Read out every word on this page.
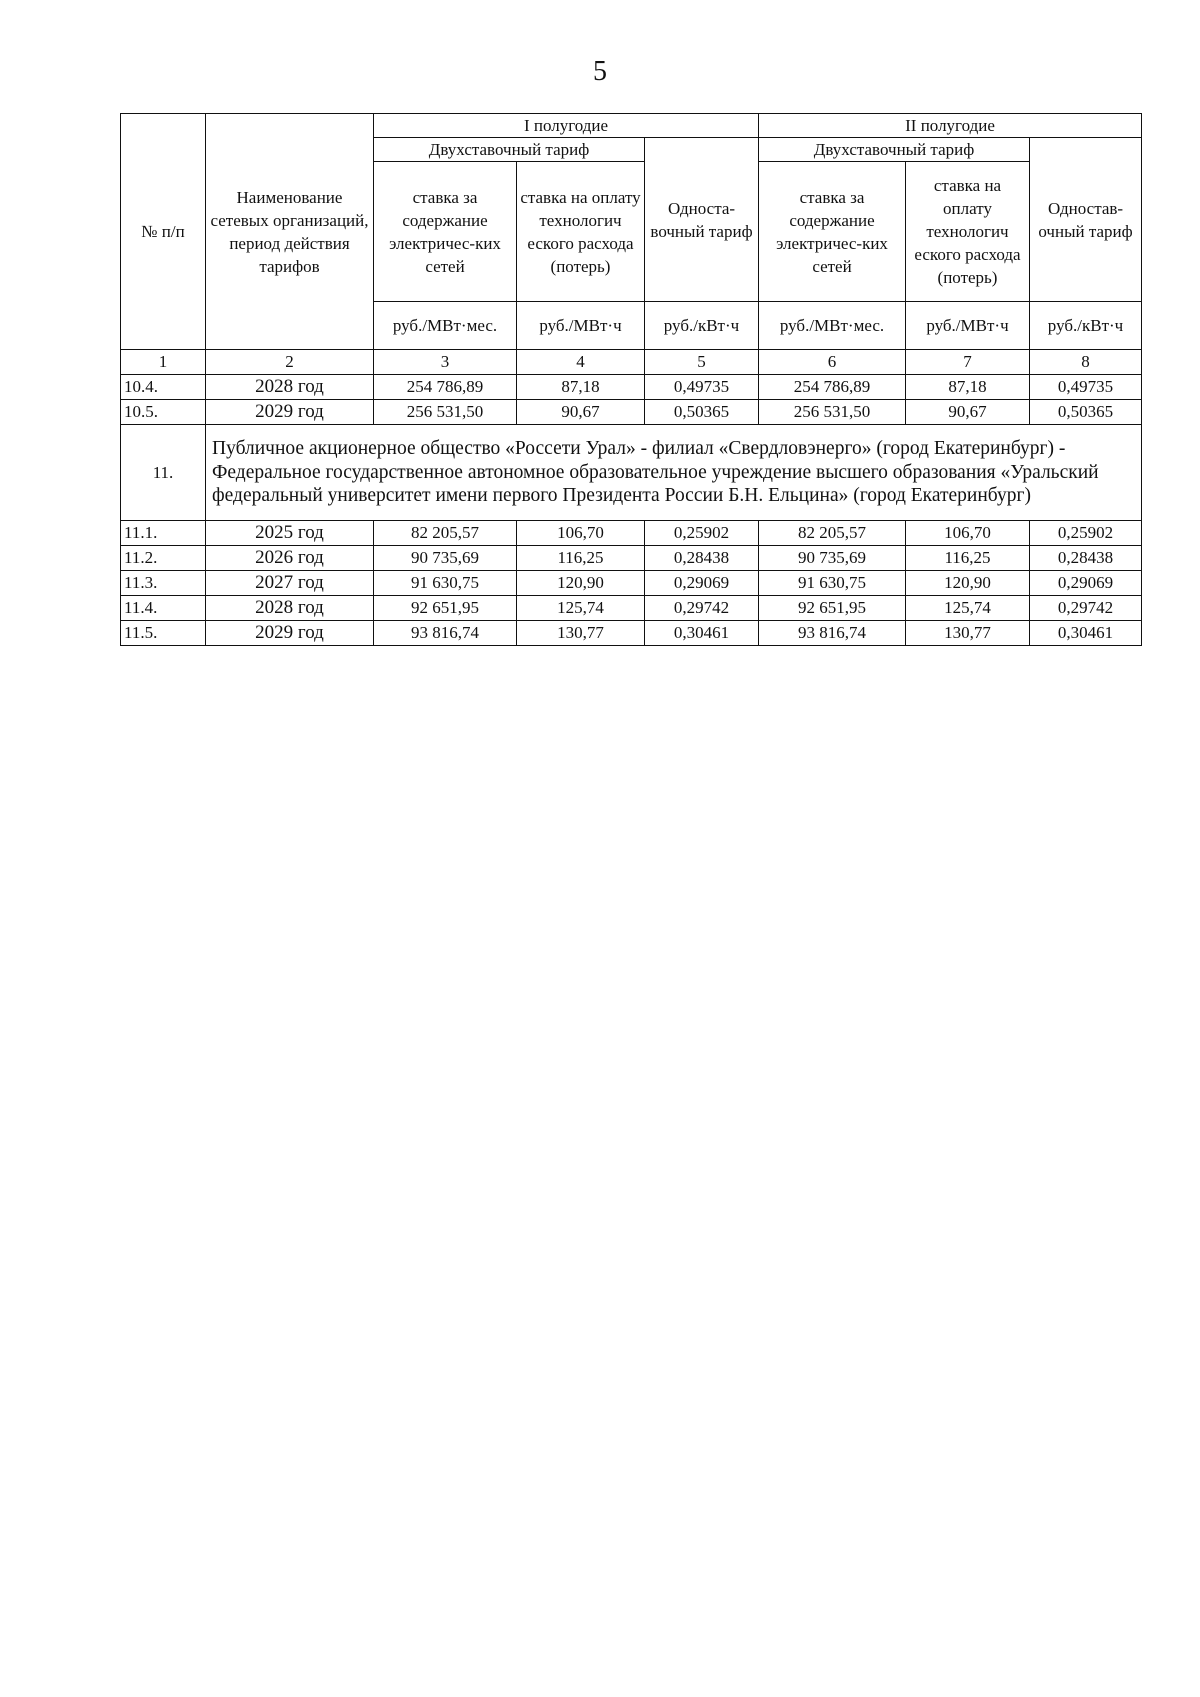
5
№ п/п	Наименование сетевых организаций, период действия тарифов	I полугодие			II полугодие		
		Двухставочный тариф		Односта-вочный тариф	Двухставочный тариф		Одностав-очный тариф
		ставка за содержание электричес-ких сетей	ставка на оплату технологич еского расхода (потерь)		ставка за содержание электричес-ких сетей	ставка на оплату технологич еского расхода (потерь)	
		руб./МВт·мес.	руб./МВт·ч	руб./кВт·ч	руб./МВт·мес.	руб./МВт·ч	руб./кВт·ч
1	2	3	4	5	6	7	8
10.4.	2028 год	254 786,89	87,18	0,49735	254 786,89	87,18	0,49735
10.5.	2029 год	256 531,50	90,67	0,50365	256 531,50	90,67	0,50365
11.	Публичное акционерное общество «Россети Урал» - филиал «Свердловэнерго» (город Екатеринбург) - Федеральное государственное автономное образовательное учреждение высшего образования «Уральский федеральный университет имени первого Президента России Б.Н. Ельцина» (город Екатеринбург)						
11.1.	2025 год	82 205,57	106,70	0,25902	82 205,57	106,70	0,25902
11.2.	2026 год	90 735,69	116,25	0,28438	90 735,69	116,25	0,28438
11.3.	2027 год	91 630,75	120,90	0,29069	91 630,75	120,90	0,29069
11.4.	2028 год	92 651,95	125,74	0,29742	92 651,95	125,74	0,29742
11.5.	2029 год	93 816,74	130,77	0,30461	93 816,74	130,77	0,30461
